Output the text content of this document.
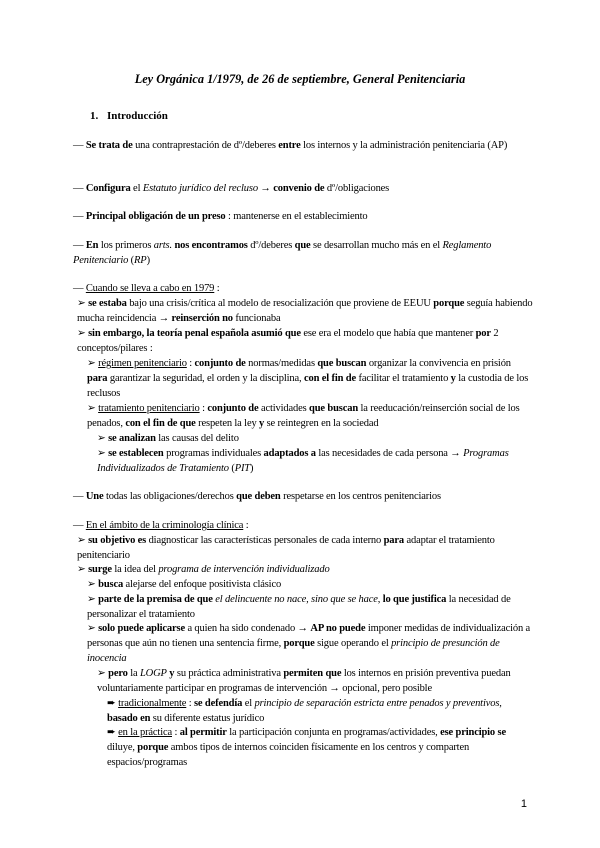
Ley Orgánica 1/1979, de 26 de septiembre, General Penitenciaria
1. Introducción
— Se trata de una contraprestación de dº/deberes entre los internos y la administración penitenciaria (AP)
— Configura el Estatuto jurídico del recluso → convenio de dº/obligaciones
— Principal obligación de un preso : mantenerse en el establecimiento
— En los primeros arts. nos encontramos dº/deberes que se desarrollan mucho más en el Reglamento Penitenciario (RP)
— Cuando se lleva a cabo en 1979 :
➢ se estaba bajo una crisis/crítica al modelo de resocialización que proviene de EEUU porque seguía habiendo mucha reincidencia → reinserción no funcionaba
➢ sin embargo, la teoría penal española asumió que ese era el modelo que había que mantener por 2 conceptos/pilares :
➢ régimen penitenciario : conjunto de normas/medidas que buscan organizar la convivencia en prisión para garantizar la seguridad, el orden y la disciplina, con el fin de facilitar el tratamiento y la custodia de los reclusos
➢ tratamiento penitenciario : conjunto de actividades que buscan la reeducación/reinserción social de los penados, con el fin de que respeten la ley y se reintegren en la sociedad
➢ se analizan las causas del delito
➢ se establecen programas individuales adaptados a las necesidades de cada persona → Programas Individualizados de Tratamiento (PIT)
— Une todas las obligaciones/derechos que deben respetarse en los centros penitenciarios
— En el ámbito de la criminología clínica :
➢ su objetivo es diagnosticar las características personales de cada interno para adaptar el tratamiento penitenciario
➢ surge la idea del programa de intervención individualizado
➢ busca alejarse del enfoque positivista clásico
➢ parte de la premisa de que el delincuente no nace, sino que se hace, lo que justifica la necesidad de personalizar el tratamiento
➢ solo puede aplicarse a quien ha sido condenado → AP no puede imponer medidas de individualización a personas que aún no tienen una sentencia firme, porque sigue operando el principio de presunción de inocencia
➢ pero la LOGP y su práctica administrativa permiten que los internos en prisión preventiva puedan voluntariamente participar en programas de intervención → opcional, pero posible
➨ tradicionalmente : se defendía el principio de separación estricta entre penados y preventivos, basado en su diferente estatus jurídico
➨ en la práctica : al permitir la participación conjunta en programas/actividades, ese principio se diluye, porque ambos tipos de internos coinciden físicamente en los centros y comparten espacios/programas
1
